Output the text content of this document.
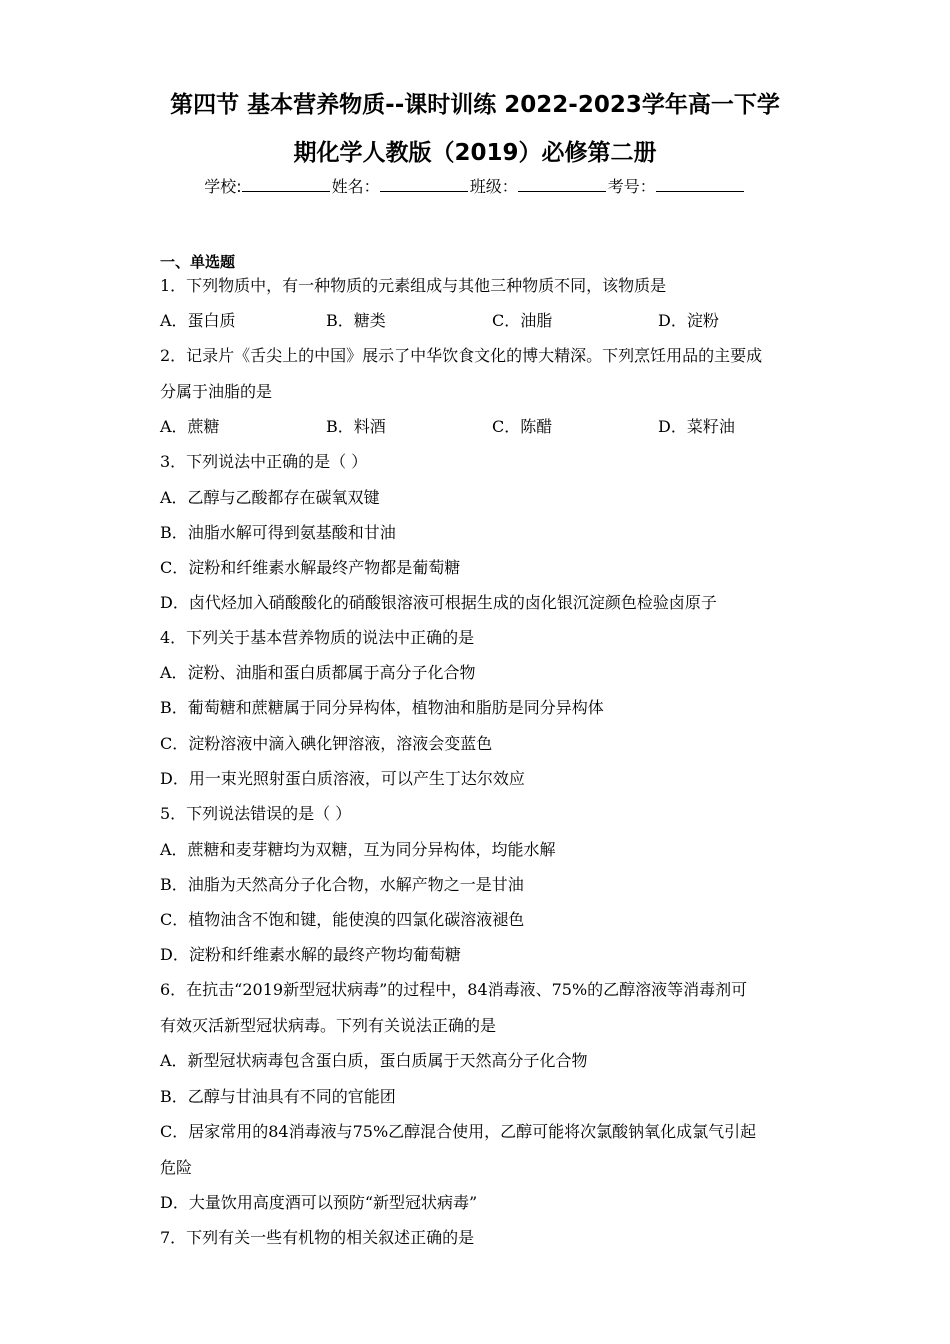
第四节 基本营养物质--课时训练 2022-2023学年高一下学
期化学人教版（2019）必修第二册
学校:	姓名：	班级：	考号：
一、单选题
1．下列物质中，有一种物质的元素组成与其他三种物质不同，该物质是
A．蛋白质	B．糖类	C．油脂	D．淀粉
2．记录片《舌尖上的中国》展示了中华饮食文化的博大精深。下列烹饪用品的主要成
分属于油脂的是
A．蔗糖	B．料酒	C．陈醋	D．菜籽油
3．下列说法中正确的是（ ）
A．乙醇与乙酸都存在碳氧双键
B．油脂水解可得到氨基酸和甘油
C．淀粉和纤维素水解最终产物都是葡萄糖
D．卤代烃加入硝酸酸化的硝酸银溶液可根据生成的卤化银沉淀颜色检验卤原子
4．下列关于基本营养物质的说法中正确的是
A．淀粉、油脂和蛋白质都属于高分子化合物
B．葡萄糖和蔗糖属于同分异构体，植物油和脂肪是同分异构体
C．淀粉溶液中滴入碘化钾溶液，溶液会变蓝色
D．用一束光照射蛋白质溶液，可以产生丁达尔效应
5．下列说法错误的是（ ）
A．蔗糖和麦芽糖均为双糖，互为同分异构体，均能水解
B．油脂为天然高分子化合物，水解产物之一是甘油
C．植物油含不饱和键，能使溴的四氯化碳溶液褪色
D．淀粉和纤维素水解的最终产物均葡萄糖
6．在抗击“2019新型冠状病毒”的过程中，84消毒液、75%的乙醇溶液等消毒剂可
有效灭活新型冠状病毒。下列有关说法正确的是
A．新型冠状病毒包含蛋白质，蛋白质属于天然高分子化合物
B．乙醇与甘油具有不同的官能团
C．居家常用的84消毒液与75%乙醇混合使用，乙醇可能将次氯酸钠氧化成氯气引起
危险
D．大量饮用高度酒可以预防“新型冠状病毒”
7．下列有关一些有机物的相关叙述正确的是
